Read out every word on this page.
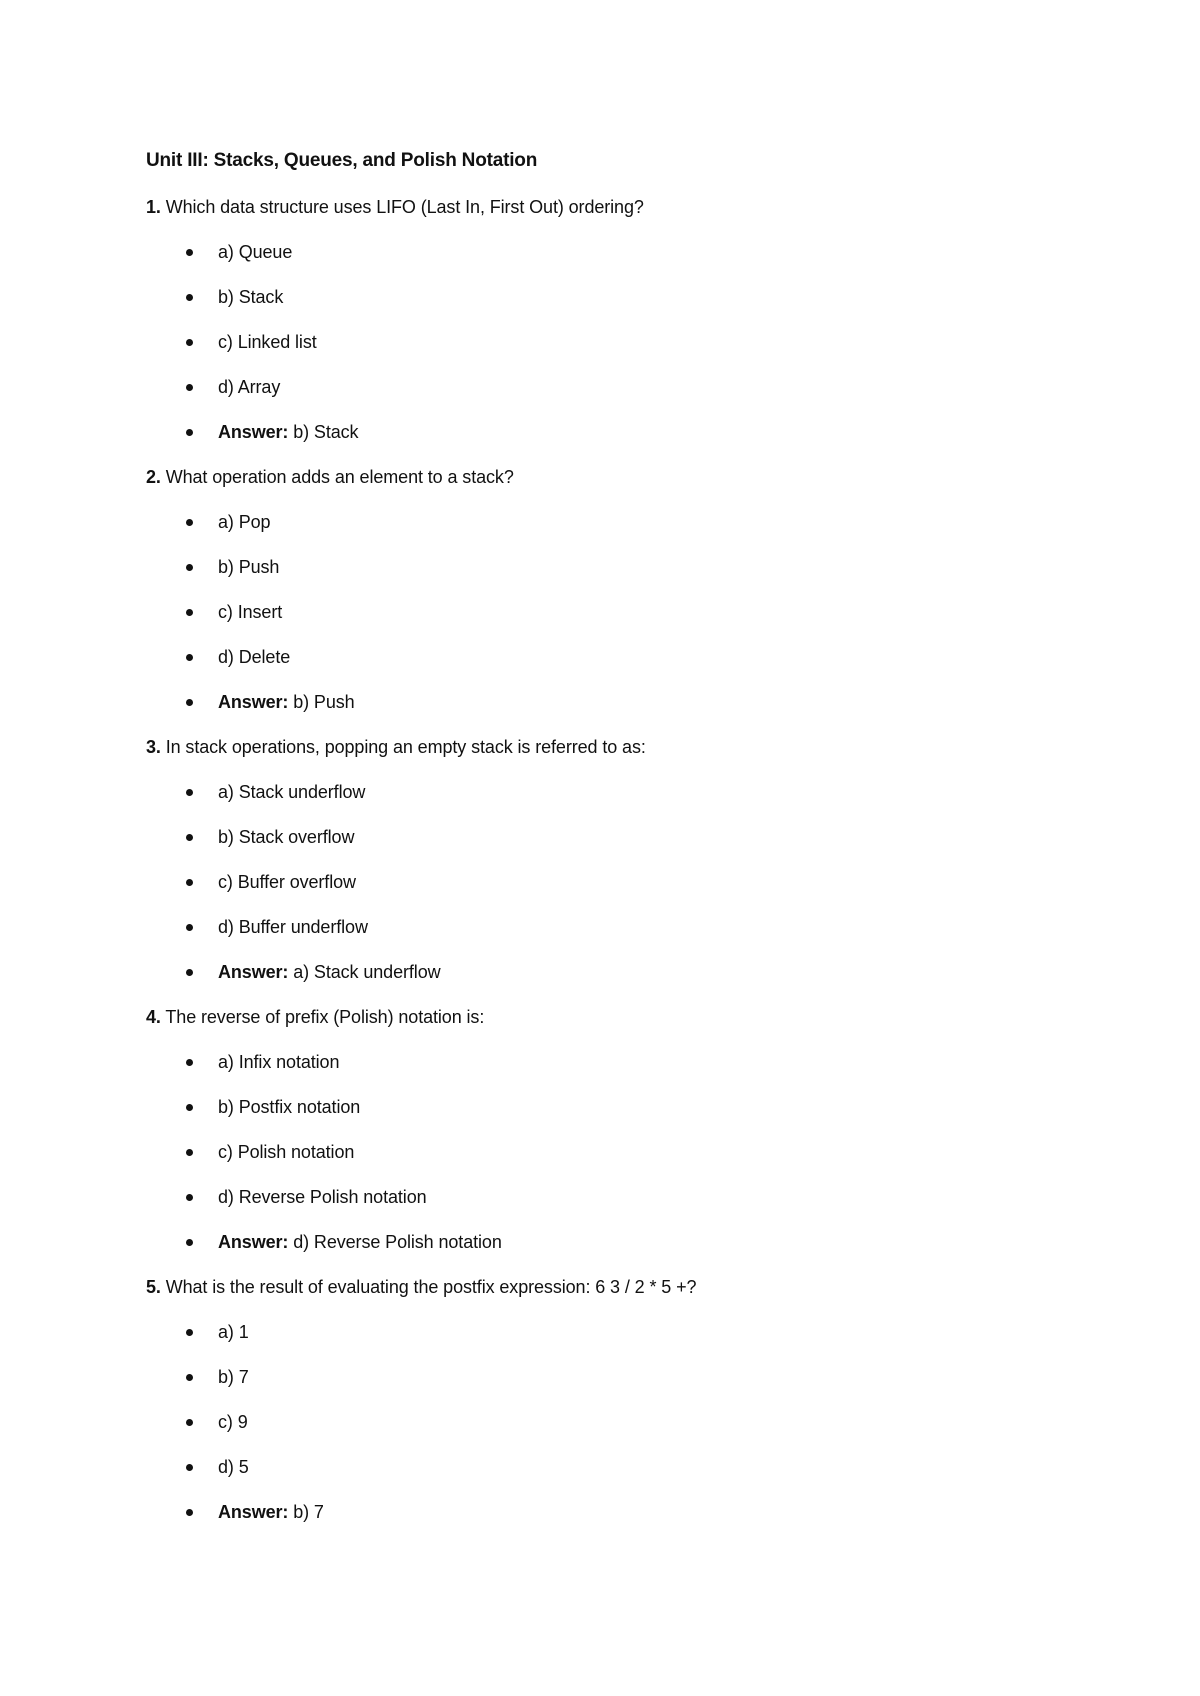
Unit III: Stacks, Queues, and Polish Notation
1. Which data structure uses LIFO (Last In, First Out) ordering?
a) Queue
b) Stack
c) Linked list
d) Array
Answer: b) Stack
2. What operation adds an element to a stack?
a) Pop
b) Push
c) Insert
d) Delete
Answer: b) Push
3. In stack operations, popping an empty stack is referred to as:
a) Stack underflow
b) Stack overflow
c) Buffer overflow
d) Buffer underflow
Answer: a) Stack underflow
4. The reverse of prefix (Polish) notation is:
a) Infix notation
b) Postfix notation
c) Polish notation
d) Reverse Polish notation
Answer: d) Reverse Polish notation
5. What is the result of evaluating the postfix expression: 6 3 / 2 * 5 +?
a) 1
b) 7
c) 9
d) 5
Answer: b) 7
